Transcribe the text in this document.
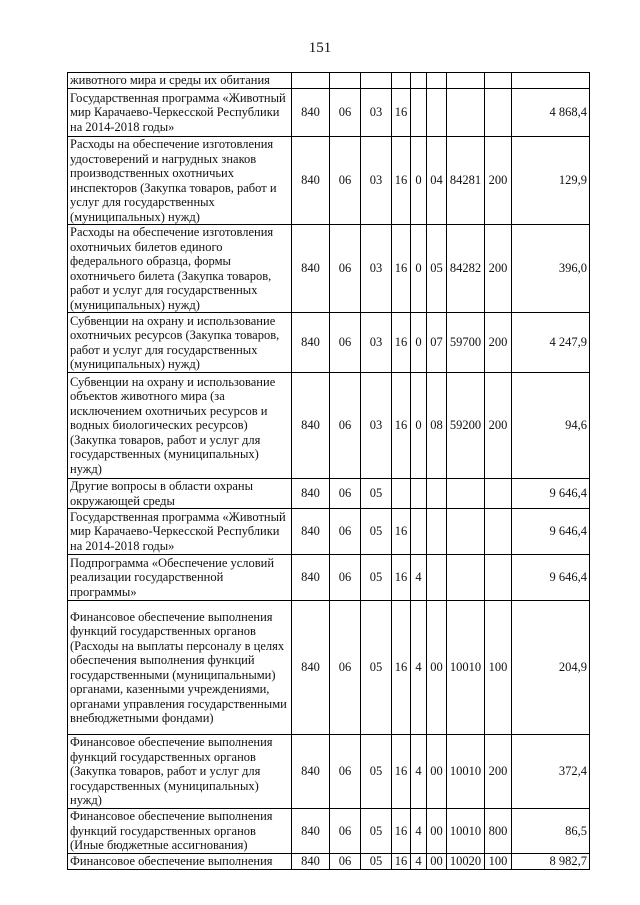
151
животного мира и среды их обитания									
Государственная программа «Животный мир Карачаево-Черкесской Республики на 2014-2018 годы»	840	06	03	16					4 868,4
Расходы на обеспечение изготовления удостоверений и нагрудных знаков производственных охотничьих инспекторов (Закупка товаров, работ и услуг для государственных (муниципальных) нужд)	840	06	03	16	0	04	84281	200	129,9
Расходы на обеспечение изготовления охотничьих билетов единого федерального образца, формы охотничьего билета (Закупка товаров, работ и услуг для государственных (муниципальных) нужд)	840	06	03	16	0	05	84282	200	396,0
Субвенции на охрану и использование охотничьих ресурсов (Закупка товаров, работ и услуг для государственных (муниципальных) нужд)	840	06	03	16	0	07	59700	200	4 247,9
Субвенции на охрану и использование объектов животного мира (за исключением охотничьих ресурсов и водных биологических ресурсов) (Закупка товаров, работ и услуг для государственных (муниципальных) нужд)	840	06	03	16	0	08	59200	200	94,6
Другие вопросы в области охраны окружающей среды	840	06	05						9 646,4
Государственная программа «Животный мир Карачаево-Черкесской Республики на 2014-2018 годы»	840	06	05	16					9 646,4
Подпрограмма «Обеспечение условий реализации государственной программы»	840	06	05	16	4				9 646,4
Финансовое обеспечение выполнения функций государственных органов (Расходы на выплаты персоналу в целях обеспечения выполнения функций государственными (муниципальными) органами, казенными учреждениями, органами управления государственными внебюджетными фондами)	840	06	05	16	4	00	10010	100	204,9
Финансовое обеспечение выполнения функций государственных органов (Закупка товаров, работ и услуг для государственных (муниципальных) нужд)	840	06	05	16	4	00	10010	200	372,4
Финансовое обеспечение выполнения функций государственных органов (Иные бюджетные ассигнования)	840	06	05	16	4	00	10010	800	86,5
Финансовое обеспечение выполнения	840	06	05	16	4	00	10020	100	8 982,7
